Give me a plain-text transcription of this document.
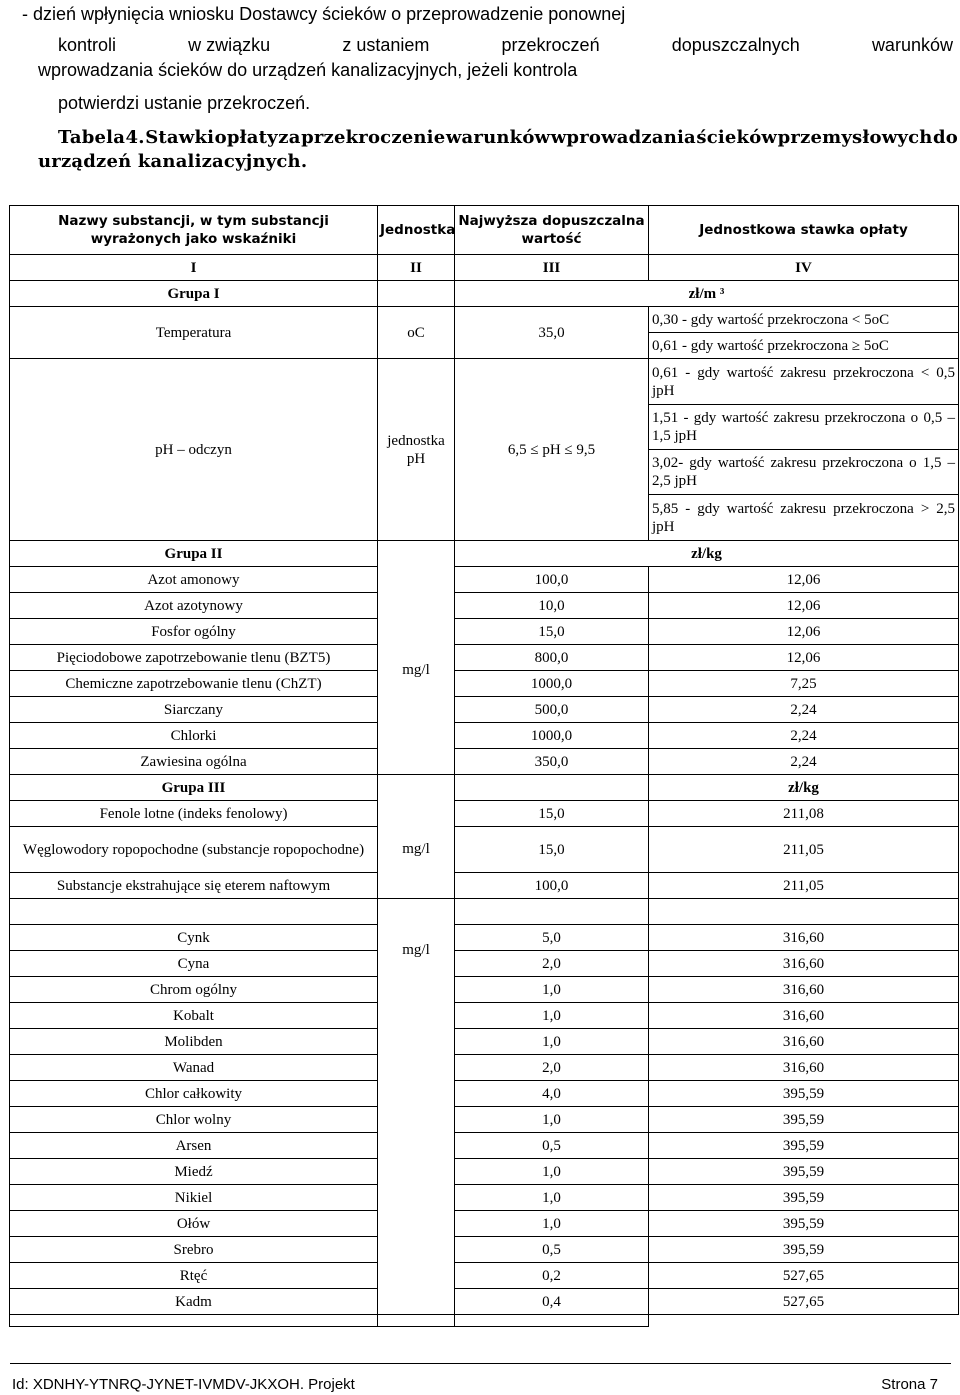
- dzień wpłynięcia wniosku Dostawcy ścieków o przeprowadzenie ponownej
kontroli	w związku	z ustaniem	przekroczeń	dopuszczalnych	warunków
wprowadzania ścieków do urządzeń kanalizacyjnych, jeżeli kontrola
potwierdzi ustanie przekroczeń.
Tabela 4. Stawki opłaty za przekroczenie warunków wprowadzania ścieków przemysłowych do
urządzeń kanalizacyjnych.
Nazwy substancji, w tym substancji wyrażonych jako wskaźniki	Jednostka	Najwyższa dopuszczalna wartość	Jednostkowa stawka opłaty
I	II	III	IV
Grupa I		zł/m ³	
Temperatura	oC	35,0	0,30 - gdy wartość przekroczona < 5oC
			0,61 - gdy wartość przekroczona ≥ 5oC
pH – odczyn	jednostka pH	6,5 ≤ pH ≤ 9,5	0,61 - gdy wartość zakresu przekroczona < 0,5 jpH
			1,51 - gdy wartość zakresu przekroczona o 0,5 – 1,5 jpH
			3,02- gdy wartość zakresu przekroczona o 1,5 – 2,5 jpH
			5,85 - gdy wartość zakresu przekroczona > 2,5 jpH
Grupa II		zł/kg	
Azot amonowy	mg/l	100,0	12,06
Azot azotynowy		10,0	12,06
Fosfor ogólny		15,0	12,06
Pięciodobowe zapotrzebowanie tlenu (BZT5)		800,0	12,06
Chemiczne zapotrzebowanie tlenu (ChZT)		1000,0	7,25
Siarczany		500,0	2,24
Chlorki		1000,0	2,24
Zawiesina ogólna		350,0	2,24
Grupa III			zł/kg
Fenole lotne (indeks fenolowy)	mg/l	15,0	211,08
Węglowodory ropopochodne (substancje ropopochodne)		15,0	211,05
Substancje ekstrahujące się eterem naftowym		100,0	211,05

Cynk	mg/l	5,0	316,60
Cyna		2,0	316,60
Chrom ogólny		1,0	316,60
Kobalt		1,0	316,60
Molibden		1,0	316,60
Wanad		2,0	316,60
Chlor całkowity		4,0	395,59
Chlor wolny		1,0	395,59
Arsen		0,5	395,59
Miedź		1,0	395,59
Nikiel		1,0	395,59
Ołów		1,0	395,59
Srebro		0,5	395,59
Rtęć		0,2	527,65
Kadm		0,4	527,65

Id: XDNHY-YTNRQ-JYNET-IVMDV-JKXOH. Projekt	Strona 7
